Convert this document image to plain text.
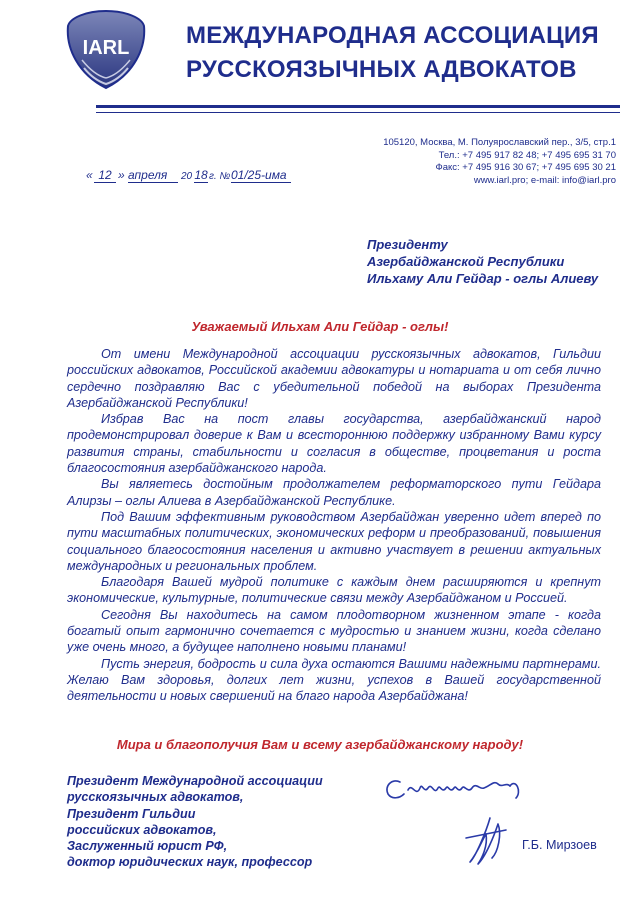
IARL МЕЖДУНАРОДНАЯ АССОЦИАЦИЯ
РУССКОЯЗЫЧНЫХ АДВОКАТОВ
105120, Москва, М. Полуярославский пер., 3/5, стр.1
Тел.: +7 495 917 82 48; +7 495 695 31 70
Факс: +7 495 916 30 67; +7 495 695 30 21
www.iarl.pro; e-mail: info@iarl.pro
« 12 » апреля	20 18 г. № 01/25-има
Президенту
Азербайджанской Республики
Ильхаму Али Гейдар - оглы Алиеву
Уважаемый Ильхам Али Гейдар - оглы!

От имени Международной ассоциации русскоязычных адвокатов, Гильдии российских адвокатов, Российской академии адвокатуры и нотариата и от себя лично сердечно поздравляю Вас с убедительной победой на выборах Президента Азербайджанской Республики!

Избрав Вас на пост главы государства, азербайджанский народ продемонстрировал доверие к Вам и всестороннюю поддержку избранному Вами курсу развития страны, стабильности и согласия в обществе, процветания и роста благосостояния азербайджанского народа.

Вы являетесь достойным продолжателем реформаторского пути Гейдара Алирзы – оглы Алиева в Азербайджанской Республике.

Под Вашим эффективным руководством Азербайджан уверенно идет вперед по пути масштабных политических, экономических реформ и преобразований, повышения социального благосостояния населения и активно участвует в решении актуальных международных и региональных проблем.

Благодаря Вашей мудрой политике с каждым днем расширяются и крепнут экономические, культурные, политические связи между Азербайджаном и Россией.

Сегодня Вы находитесь на самом плодотворном жизненном этапе - когда богатый опыт гармонично сочетается с мудростью и знанием жизни, когда сделано уже очень много, а будущее наполнено новыми планами!

Пусть энергия, бодрость и сила духа остаются Вашими надежными партнерами. Желаю Вам здоровья, долгих лет жизни, успехов в Вашей государственной деятельности и новых свершений на благо народа Азербайджана!

Мира и благополучия Вам и всему азербайджанскому народу!
Президент Международной ассоциации
русскоязычных адвокатов,
Президент Гильдии
российских адвокатов,
Заслуженный юрист РФ,
доктор юридических наук, профессор
Г.Б. Мирзоев
